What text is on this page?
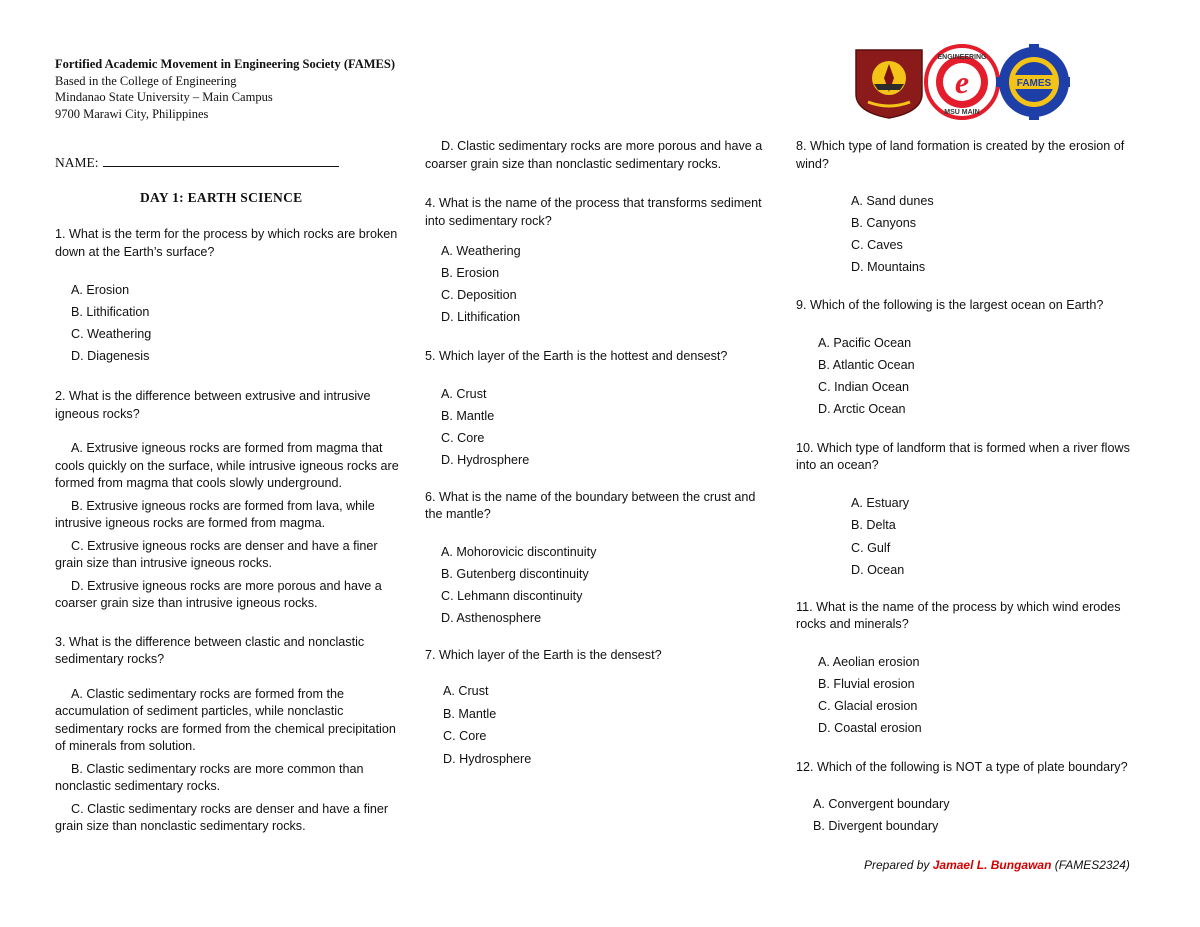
Fortified Academic Movement in Engineering Society (FAMES)
Based in the College of Engineering
Mindanao State University – Main Campus
9700 Marawi City, Philippines
ENGINEERING
e
MSU MAIN
FAMES
NAME:
DAY 1: EARTH SCIENCE

1. What is the term for the process by which rocks are broken down at the Earth’s surface?

A. Erosion

B. Lithification

C. Weathering

D. Diagenesis

2. What is the difference between extrusive and intrusive igneous rocks?

A. Extrusive igneous rocks are formed from magma that cools quickly on the surface, while intrusive igneous rocks are formed from magma that cools slowly underground.

B. Extrusive igneous rocks are formed from lava, while intrusive igneous rocks are formed from magma.

C. Extrusive igneous rocks are denser and have a finer grain size than intrusive igneous rocks.

D. Extrusive igneous rocks are more porous and have a coarser grain size than intrusive igneous rocks.

3. What is the difference between clastic and nonclastic sedimentary rocks?

A. Clastic sedimentary rocks are formed from the accumulation of sediment particles, while nonclastic sedimentary rocks are formed from the chemical precipitation of minerals from solution.

B. Clastic sedimentary rocks are more common than nonclastic sedimentary rocks.

C. Clastic sedimentary rocks are denser and have a finer grain size than nonclastic sedimentary rocks.

D. Clastic sedimentary rocks are more porous and have a coarser grain size than nonclastic sedimentary rocks.

4. What is the name of the process that transforms sediment into sedimentary rock?

A. Weathering

B. Erosion

C. Deposition

D. Lithification

5. Which layer of the Earth is the hottest and densest?

A. Crust

B. Mantle

C. Core

D. Hydrosphere

6. What is the name of the boundary between the crust and the mantle?

A. Mohorovicic discontinuity

B. Gutenberg discontinuity

C. Lehmann discontinuity

D. Asthenosphere

7. Which layer of the Earth is the densest?

A. Crust

B. Mantle

C. Core

D. Hydrosphere

8. Which type of land formation is created by the erosion of wind?

A. Sand dunes

B. Canyons

C. Caves

D. Mountains

9. Which of the following is the largest ocean on Earth?

A. Pacific Ocean

B. Atlantic Ocean

C. Indian Ocean

D. Arctic Ocean

10. Which type of landform that is formed when a river flows into an ocean?

A. Estuary

B. Delta

C. Gulf

D. Ocean

11. What is the name of the process by which wind erodes rocks and minerals?

A. Aeolian erosion

B. Fluvial erosion

C. Glacial erosion

D. Coastal erosion

12. Which of the following is NOT a type of plate boundary?

A. Convergent boundary

B. Divergent boundary

Prepared by Jamael L. Bungawan (FAMES2324)
